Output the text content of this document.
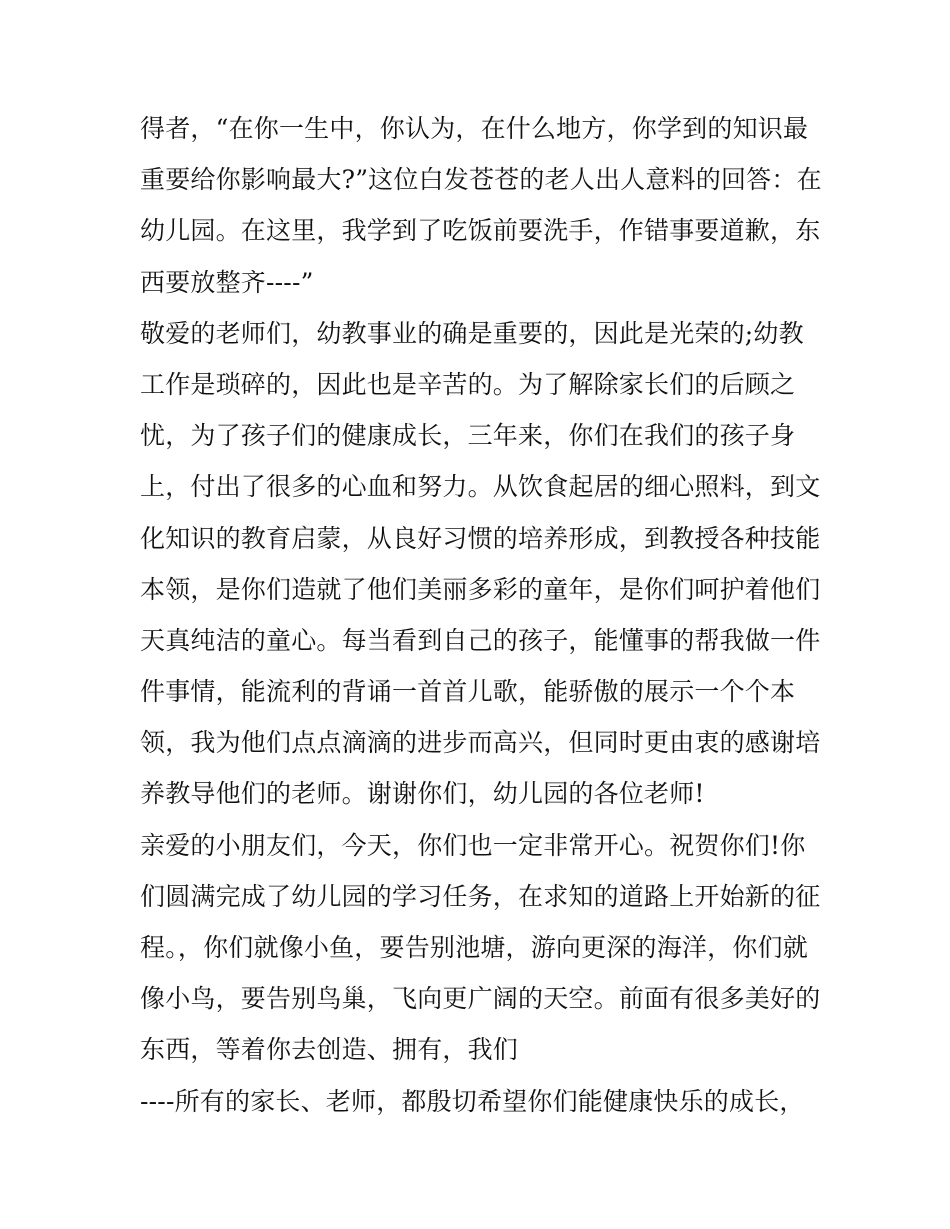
得者，“在你一生中，你认为，在什么地方，你学到的知识最
重要给你影响最大?”这位白发苍苍的老人出人意料的回答：在
幼儿园。在这里，我学到了吃饭前要洗手，作错事要道歉，东
西要放整齐----”
敬爱的老师们，幼教事业的确是重要的，因此是光荣的;幼教
工作是琐碎的，因此也是辛苦的。为了解除家长们的后顾之
忧，为了孩子们的健康成长，三年来，你们在我们的孩子身
上，付出了很多的心血和努力。从饮食起居的细心照料，到文
化知识的教育启蒙，从良好习惯的培养形成，到教授各种技能
本领，是你们造就了他们美丽多彩的童年，是你们呵护着他们
天真纯洁的童心。每当看到自己的孩子，能懂事的帮我做一件
件事情，能流利的背诵一首首儿歌，能骄傲的展示一个个本
领，我为他们点点滴滴的进步而高兴，但同时更由衷的感谢培
养教导他们的老师。谢谢你们，幼儿园的各位老师!
亲爱的小朋友们，今天，你们也一定非常开心。祝贺你们!你
们圆满完成了幼儿园的学习任务，在求知的道路上开始新的征
程。，你们就像小鱼，要告别池塘，游向更深的海洋，你们就
像小鸟，要告别鸟巢，飞向更广阔的天空。前面有很多美好的
东西，等着你去创造、拥有，我们
----所有的家长、老师，都殷切希望你们能健康快乐的成长，
